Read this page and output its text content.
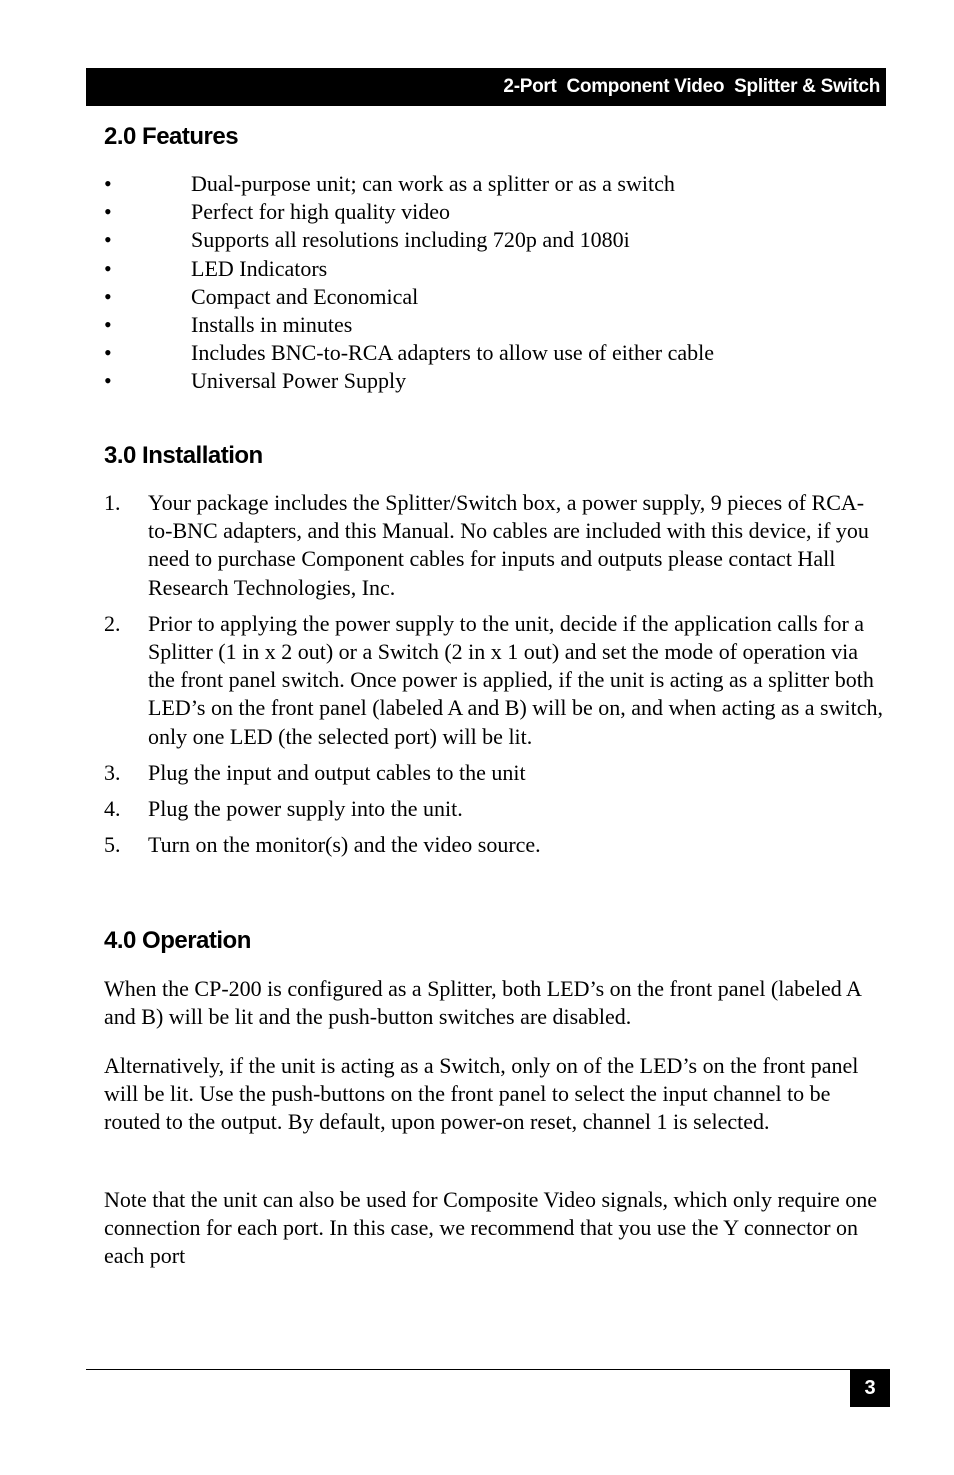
2-Port  Component Video  Splitter & Switch
2.0 Features
•	Dual-purpose unit; can work as a splitter or as a switch
•	Perfect for high quality video
•	Supports all resolutions including 720p and 1080i
•	LED Indicators
•	Compact and Economical
•	Installs in minutes
•	Includes BNC-to-RCA adapters to allow use of either cable
•	Universal Power Supply
3.0 Installation
1. Your package includes the Splitter/Switch box, a power supply, 9 pieces of RCA-to-BNC adapters, and this Manual. No cables are included with this device, if you need to purchase Component cables for inputs and outputs please contact Hall Research Technologies, Inc.
2. Prior to applying the power supply to the unit, decide if the application calls for a Splitter (1 in x 2 out) or a Switch (2 in x 1 out) and set the mode of operation via the front panel switch. Once power is applied, if the unit is acting as a splitter both LED’s on the front panel (labeled A and B) will be on, and when acting as a switch, only one LED (the selected port) will be lit.
3. Plug the input and output cables to the unit
4. Plug the power supply into the unit.
5. Turn on the monitor(s) and the video source.
4.0 Operation

When the CP-200 is configured as a Splitter, both LED’s on the front panel (labeled A and B) will be lit and the push-button switches are disabled.

Alternatively, if the unit is acting as a Switch, only on of the LED’s on the front panel will be lit. Use the push-buttons on the front panel to select the input channel to be routed to the output. By default, upon power-on reset, channel 1 is selected.

Note that the unit can also be used for Composite Video signals, which only require one connection for each port. In this case, we recommend that you use the Y connector on each port

3
